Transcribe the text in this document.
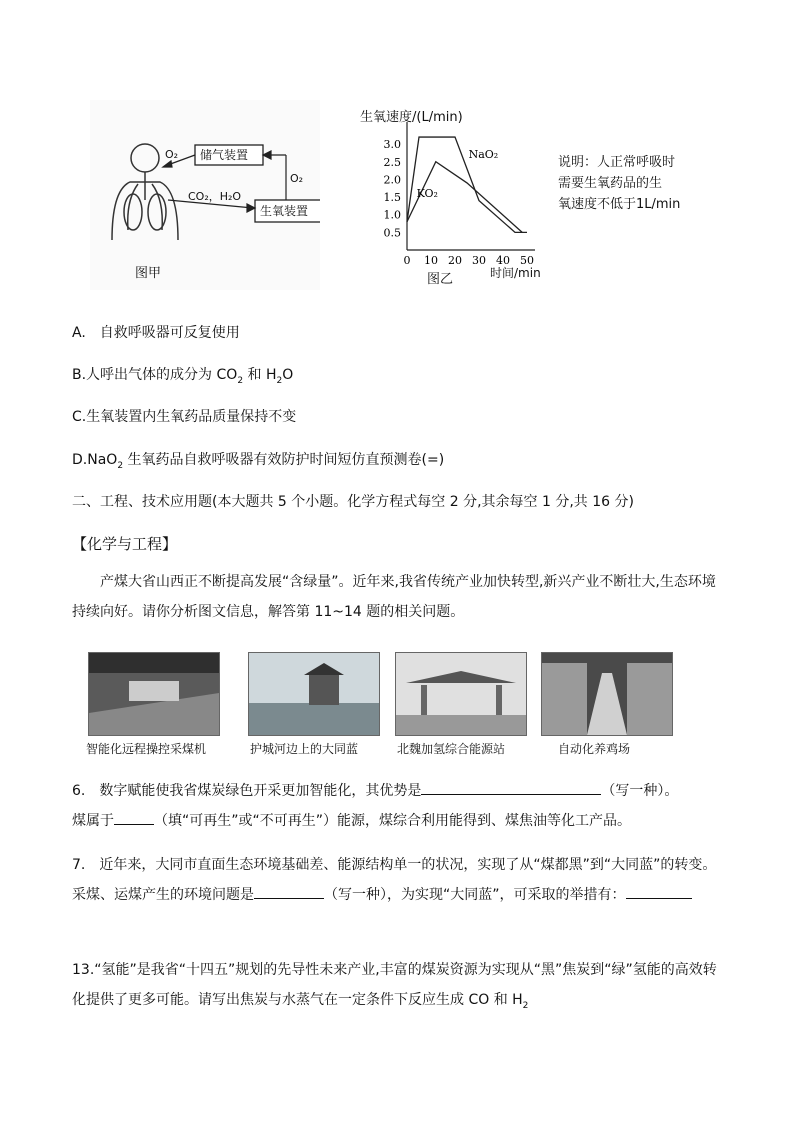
储气装置
生氧装置
O₂
O₂
CO₂，H₂O
图甲
0 10 20 30 40 50
0.5
1.0
1.5
2.0
2.5
3.0
NaO₂
KO₂
生氧速度/(L/min)
时间/min
图乙
说明：人正常呼吸时
需要生氧药品的生
氧速度不低于1L/min
A.　自救呼吸器可反复使用
B.人呼出气体的成分为 $CO_2$ 和 $H_2O$
C.生氧装置内生氧药品质量保持不变
D.NaO$_2$ 生氧药品自救呼吸器有效防护时间短仿直预测卷(=)
二、工程、技术应用题(本大题共 5 个小题。化学方程式每空 2 分,其余每空 1 分,共 16 分)
【化学与工程】
产煤大省山西正不断提高发展“含绿量”。近年来,我省传统产业加快转型,新兴产业不断壮大,生态环境持续向好。请你分析图文信息，解答第 11~14 题的相关问题。
智能化远程操控采煤机	护城河边上的大同蓝	北魏加氢综合能源站	自动化养鸡场
6.　数字赋能使我省煤炭绿色开采更加智能化，其优势是	（写一种）。
煤属于	（填“可再生”或“不可再生”）能源，煤综合利用能得到、煤焦油等化工产品。
7.　近年来，大同市直面生态环境基础差、能源结构单一的状况，实现了从“煤都黑”到“大同蓝”的转变。采煤、运煤产生的环境问题是	（写一种），为实现“大同蓝”，可采取的举措有：
13.“氢能”是我省“十四五”规划的先导性未来产业,丰富的煤炭资源为实现从“黑”焦炭到“绿”氢能的高效转化提供了更多可能。请写出焦炭与水蒸气在一定条件下反应生成 CO 和 $H_2$
